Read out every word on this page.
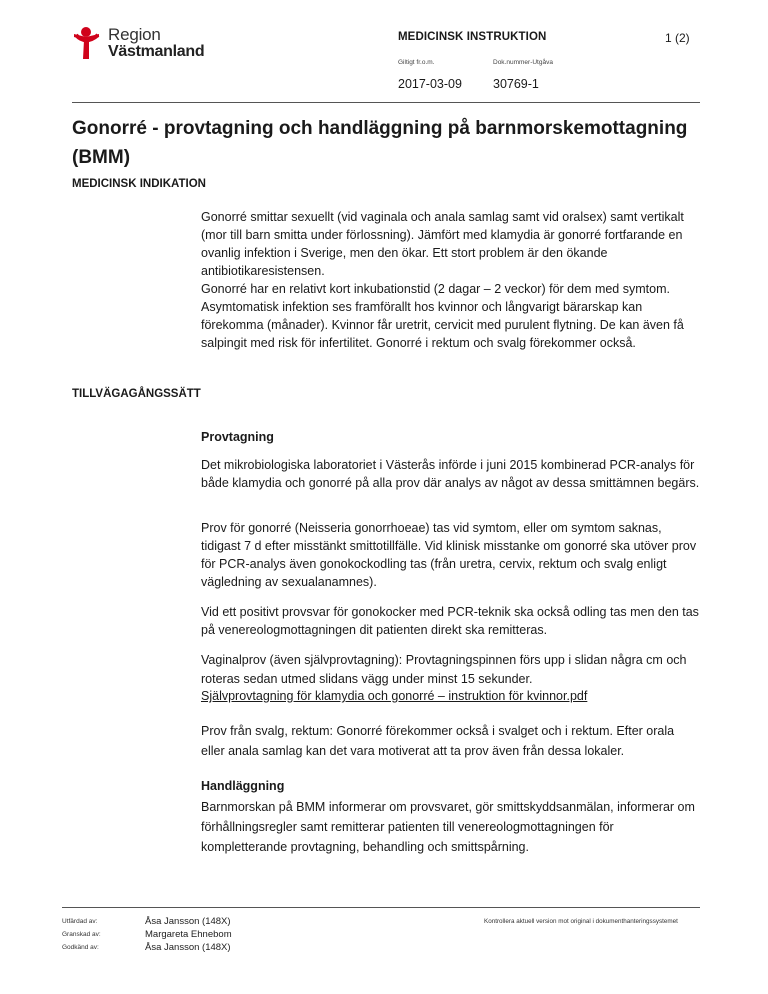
Region
Västmanland
MEDICINSK INSTRUKTION	1 (2)
Giltigt fr.o.m.	Dok.nummer-Utgåva
2017-03-09 30769-1
Gonorré - provtagning och handläggning på barnmorskemottagning
(BMM)
MEDICINSK INDIKATION
Gonorré smittar sexuellt (vid vaginala och anala samlag samt vid oralsex) samt vertikalt (mor till barn smitta under förlossning). Jämfört med klamydia är gonorré fortfarande en ovanlig infektion i Sverige, men den ökar. Ett stort problem är den ökande antibiotikaresistensen.
Gonorré har en relativt kort inkubationstid (2 dagar – 2 veckor) för dem med symtom. Asymtomatisk infektion ses framförallt hos kvinnor och långvarigt bärarskap kan förekomma (månader). Kvinnor får uretrit, cervicit med purulent flytning. De kan även få salpingit med risk för infertilitet. Gonorré i rektum och svalg förekommer också.
TILLVÄGAGÅNGSSÄTT
Provtagning
Det mikrobiologiska laboratoriet i Västerås införde i juni 2015 kombinerad PCR-analys för både klamydia och gonorré på alla prov där analys av något av dessa smittämnen begärs.
Prov för gonorré (Neisseria gonorrhoeae) tas vid symtom, eller om symtom saknas, tidigast 7 d efter misstänkt smittotillfälle. Vid klinisk misstanke om gonorré ska utöver prov för PCR-analys även gonokockodling tas (från uretra, cervix, rektum och svalg enligt vägledning av sexualanamnes).
Vid ett positivt provsvar för gonokocker med PCR-teknik ska också odling tas men den tas på venereologmottagningen dit patienten direkt ska remitteras.
Vaginalprov (även självprovtagning): Provtagningspinnen förs upp i slidan några cm och roteras sedan utmed slidans vägg under minst 15 sekunder.
Självprovtagning för klamydia och gonorré – instruktion för kvinnor.pdf
Prov från svalg, rektum: Gonorré förekommer också i svalget och i rektum. Efter orala eller anala samlag kan det vara motiverat att ta prov även från dessa lokaler.
Handläggning
Barnmorskan på BMM informerar om provsvaret, gör smittskyddsanmälan, informerar om förhållningsregler samt remitterar patienten till venereologmottagningen för kompletterande provtagning, behandling och smittspårning.
Utfärdad av:
Granskad av:
Godkänd av:
Åsa Jansson (148X)
Margareta Ehnebom
Åsa Jansson (148X)
Kontrollera aktuell version mot original i dokumenthanteringssystemet
